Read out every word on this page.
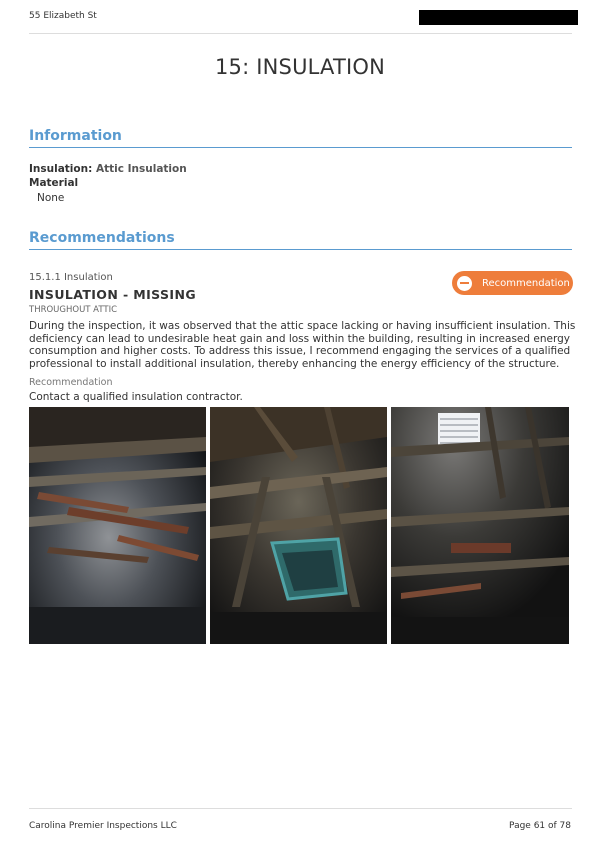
55 Elizabeth St
15: INSULATION
Information
Insulation: Attic Insulation
Material
None
Recommendations
15.1.1 Insulation	Recommendation
INSULATION - MISSING
THROUGHOUT ATTIC

During the inspection, it was observed that the attic space lacking or having insufficient insulation. This deficiency can lead to undesirable heat gain and loss within the building, resulting in increased energy consumption and higher costs. To address this issue, I recommend engaging the services of a qualified professional to install additional insulation, thereby enhancing the energy efficiency of the structure.

Recommendation
Contact a qualified insulation contractor.
Carolina Premier Inspections LLC	Page 61 of 78
